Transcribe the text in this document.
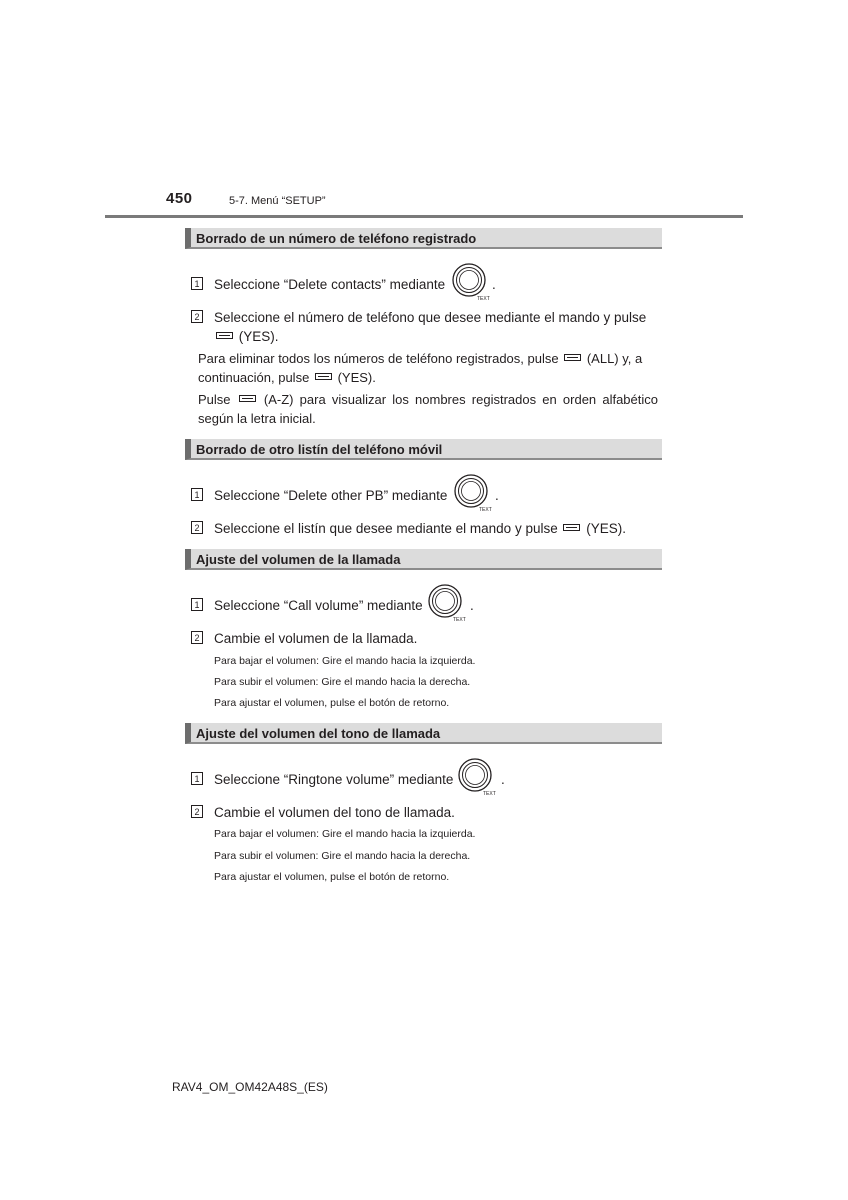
450	5-7. Menú “SETUP”
Borrado de un número de teléfono registrado
1 Seleccione “Delete contacts” mediante	.
TEXT
2 Seleccione el número de teléfono que desee mediante el mando y pulse
(YES).
Para eliminar todos los números de teléfono registrados, pulse (ALL) y, a
continuación, pulse (YES).
Pulse	(A-Z) para visualizar los nombres registrados en orden alfabético según la letra inicial.
Borrado de otro listín del teléfono móvil
1 Seleccione “Delete other PB” mediante	.
TEXT
2 Seleccione el listín que desee mediante el mando y pulse (YES).
Ajuste del volumen de la llamada
1 Seleccione “Call volume” mediante	.
TEXT
2 Cambie el volumen de la llamada.
Para bajar el volumen: Gire el mando hacia la izquierda.
Para subir el volumen: Gire el mando hacia la derecha.
Para ajustar el volumen, pulse el botón de retorno.
Ajuste del volumen del tono de llamada
1 Seleccione “Ringtone volume” mediante	.
TEXT
2 Cambie el volumen del tono de llamada.
Para bajar el volumen: Gire el mando hacia la izquierda.
Para subir el volumen: Gire el mando hacia la derecha.
Para ajustar el volumen, pulse el botón de retorno.
RAV4_OM_OM42A48S_(ES)
